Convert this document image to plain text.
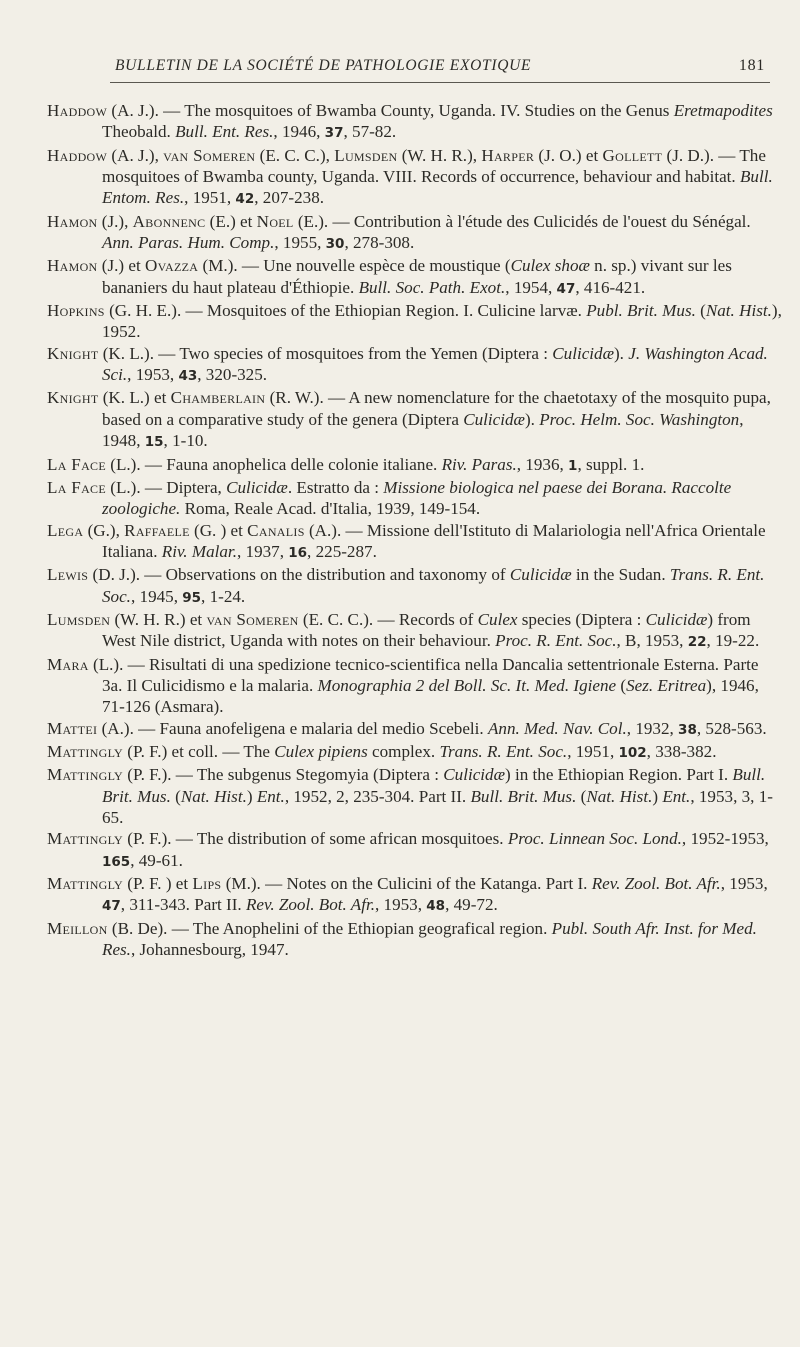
BULLETIN DE LA SOCIÉTÉ DE PATHOLOGIE EXOTIQUE	181

Haddow (A. J.). — The mosquitoes of Bwamba County, Uganda. IV. Studies on the Genus Eretmapodites Theobald. Bull. Ent. Res., 1946, 37, 57-82.

Haddow (A. J.), van Someren (E. C. C.), Lumsden (W. H. R.), Harper (J. O.) et Gollett (J. D.). — The mosquitoes of Bwamba county, Uganda. VIII. Records of occurrence, behaviour and habitat. Bull. Entom. Res., 1951, 42, 207-238.

Hamon (J.), Abonnenc (E.) et Noel (E.). — Contribution à l'étude des Culicidés de l'ouest du Sénégal. Ann. Paras. Hum. Comp., 1955, 30, 278-308.

Hamon (J.) et Ovazza (M.). — Une nouvelle espèce de moustique (Culex shoæ n. sp.) vivant sur les bananiers du haut plateau d'Éthiopie. Bull. Soc. Path. Exot., 1954, 47, 416-421.

Hopkins (G. H. E.). — Mosquitoes of the Ethiopian Region. I. Culicine larvæ. Publ. Brit. Mus. (Nat. Hist.), 1952.

Knight (K. L.). — Two species of mosquitoes from the Yemen (Diptera : Culicidæ). J. Washington Acad. Sci., 1953, 43, 320-325.

Knight (K. L.) et Chamberlain (R. W.). — A new nomenclature for the chaetotaxy of the mosquito pupa, based on a comparative study of the genera (Diptera Culicidæ). Proc. Helm. Soc. Washington, 1948, 15, 1-10.

La Face (L.). — Fauna anophelica delle colonie italiane. Riv. Paras., 1936, 1, suppl. 1.

La Face (L.). — Diptera, Culicidæ. Estratto da : Missione biologica nel paese dei Borana. Raccolte zoologiche. Roma, Reale Acad. d'Italia, 1939, 149-154.

Lega (G.), Raffaele (G. ) et Canalis (A.). — Missione dell'Istituto di Malariologia nell'Africa Orientale Italiana. Riv. Malar., 1937, 16, 225-287.

Lewis (D. J.). — Observations on the distribution and taxonomy of Culicidæ in the Sudan. Trans. R. Ent. Soc., 1945, 95, 1-24.

Lumsden (W. H. R.) et van Someren (E. C. C.). — Records of Culex species (Diptera : Culicidæ) from West Nile district, Uganda with notes on their behaviour. Proc. R. Ent. Soc., B, 1953, 22, 19-22.

Mara (L.). — Risultati di una spedizione tecnico-scientifica nella Dancalia settentrionale Esterna. Parte 3a. Il Culicidismo e la malaria. Monographia 2 del Boll. Sc. It. Med. Igiene (Sez. Eritrea), 1946, 71-126 (Asmara).

Mattei (A.). — Fauna anofeligena e malaria del medio Scebeli. Ann. Med. Nav. Col., 1932, 38, 528-563.

Mattingly (P. F.) et coll. — The Culex pipiens complex. Trans. R. Ent. Soc., 1951, 102, 338-382.

Mattingly (P. F.). — The subgenus Stegomyia (Diptera : Culicidæ) in the Ethiopian Region. Part I. Bull. Brit. Mus. (Nat. Hist.) Ent., 1952, 2, 235-304. Part II. Bull. Brit. Mus. (Nat. Hist.) Ent., 1953, 3, 1-65.

Mattingly (P. F.). — The distribution of some african mosquitoes. Proc. Linnean Soc. Lond., 1952-1953, 165, 49-61.

Mattingly (P. F. ) et Lips (M.). — Notes on the Culicini of the Katanga. Part I. Rev. Zool. Bot. Afr., 1953, 47, 311-343. Part II. Rev. Zool. Bot. Afr., 1953, 48, 49-72.

Meillon (B. De). — The Anophelini of the Ethiopian geografical region. Publ. South Afr. Inst. for Med. Res., Johannesbourg, 1947.
